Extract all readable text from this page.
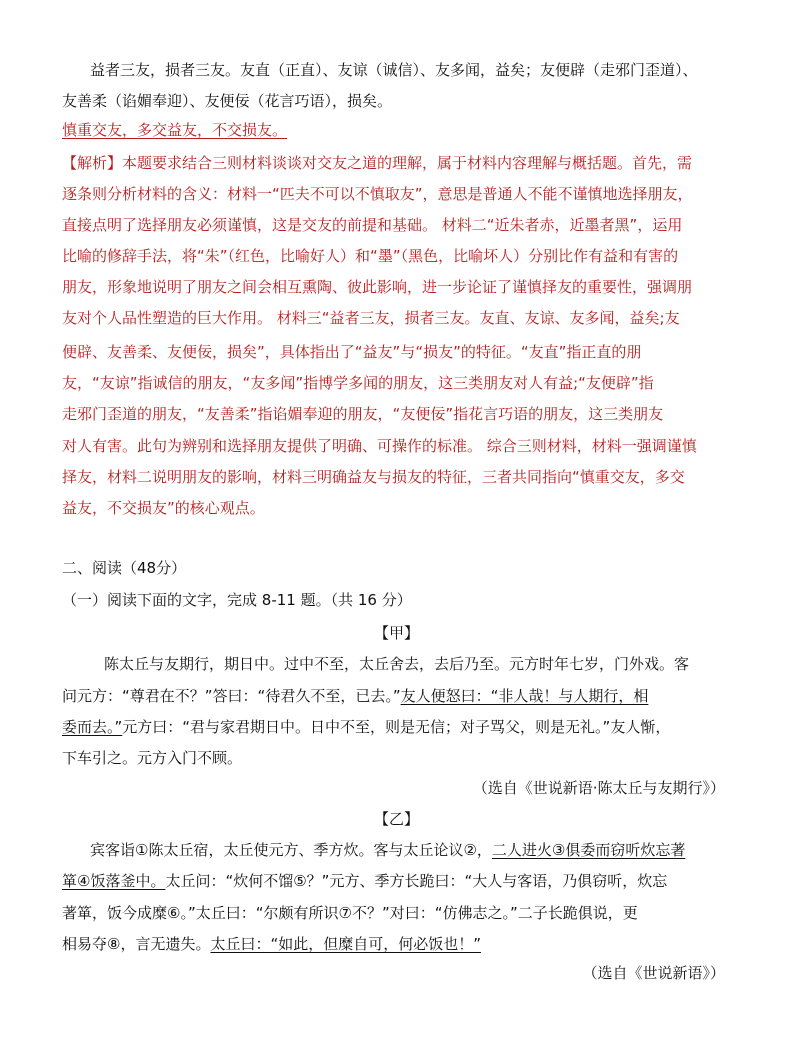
益者三友，损者三友。友直（正直）、友谅（诚信）、友多闻，益矣；友便辟（走邪门歪道）、
友善柔（谄媚奉迎）、友便佞（花言巧语），损矣。
慎重交友，多交益友，不交损友。
【解析】本题要求结合三则材料谈谈对交友之道的理解，属于材料内容理解与概括题。首先，需
逐条则分析材料的含义：材料一“匹夫不可以不慎取友”，意思是普通人不能不谨慎地选择朋友，
直接点明了选择朋友必须谨慎，这是交友的前提和基础。 材料二“近朱者赤，近墨者黑”，运用
比喻的修辞手法，将“朱”（红色，比喻好人）和“墨”（黑色，比喻坏人）分别比作有益和有害的
朋友，形象地说明了朋友之间会相互熏陶、彼此影响，进一步论证了谨慎择友的重要性，强调朋
友对个人品性塑造的巨大作用。 材料三“益者三友，损者三友。友直、友谅、友多闻，益矣;友
便辟、友善柔、友便佞，损矣”，具体指出了“益友”与“损友”的特征。“友直”指正直的朋
友，“友谅”指诚信的朋友，“友多闻”指博学多闻的朋友，这三类朋友对人有益;“友便辟”指
走邪门歪道的朋友，“友善柔”指谄媚奉迎的朋友，“友便佞”指花言巧语的朋友，这三类朋友
对人有害。此句为辨别和选择朋友提供了明确、可操作的标准。 综合三则材料，材料一强调谨慎
择友，材料二说明朋友的影响，材料三明确益友与损友的特征，三者共同指向“慎重交友，多交
益友，不交损友”的核心观点。
二、阅读（48分）
（一）阅读下面的文字，完成 8-11 题。（共 16 分）
【甲】
陈太丘与友期行，期日中。过中不至，太丘舍去，去后乃至。元方时年七岁，门外戏。客
问元方：“尊君在不？”答曰：“待君久不至，已去。”友人便怒曰：“非人哉！与人期行，相
委而去。”元方曰：“君与家君期日中。日中不至，则是无信；对子骂父，则是无礼。”友人惭，
下车引之。元方入门不顾。
（选自《世说新语·陈太丘与友期行》）
【乙】
宾客诣①陈太丘宿，太丘使元方、季方炊。客与太丘论议②，二人进火③俱委而窃听炊忘著
箪④饭落釜中。太丘问：“炊何不馏⑤？”元方、季方长跪曰：“大人与客语，乃俱窃听，炊忘
著箪，饭今成糜⑥。”太丘曰：“尔颇有所识⑦不？”对曰：“仿佛志之。”二子长跪俱说，更
相易夺⑧，言无遗失。太丘曰：“如此，但糜自可，何必饭也！”
（选自《世说新语》）
